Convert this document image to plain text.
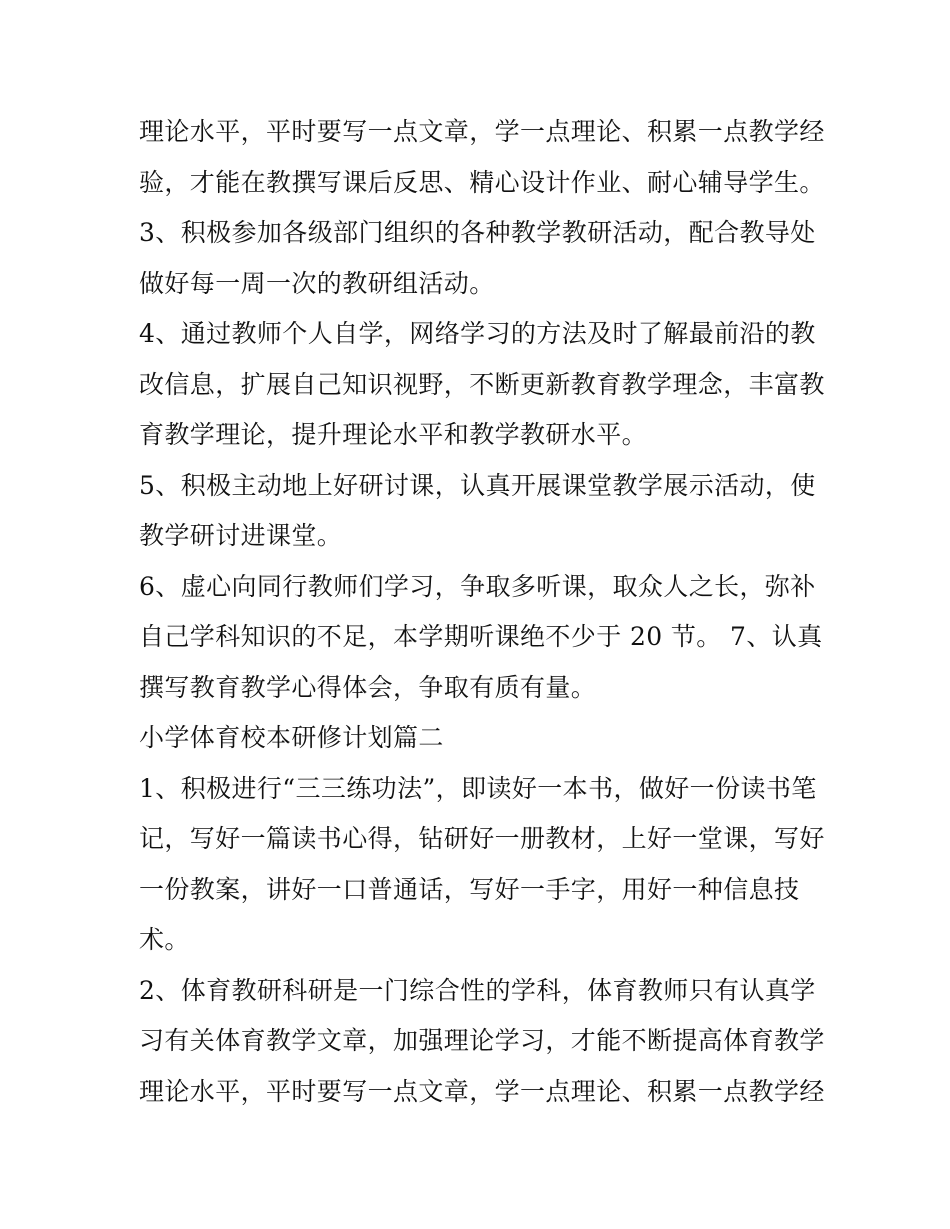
理论水平，平时要写一点文章，学一点理论、积累一点教学经
验，才能在教撰写课后反思、精心设计作业、耐心辅导学生。
3、积极参加各级部门组织的各种教学教研活动，配合教导处
做好每一周一次的教研组活动。
4、通过教师个人自学，网络学习的方法及时了解最前沿的教
改信息，扩展自己知识视野，不断更新教育教学理念，丰富教
育教学理论，提升理论水平和教学教研水平。
5、积极主动地上好研讨课，认真开展课堂教学展示活动，使
教学研讨进课堂。
6、虚心向同行教师们学习，争取多听课，取众人之长，弥补
自己学科知识的不足，本学期听课绝不少于 20 节。 7、认真
撰写教育教学心得体会，争取有质有量。
小学体育校本研修计划篇二
1、积极进行“三三练功法”，即读好一本书，做好一份读书笔
记，写好一篇读书心得，钻研好一册教材，上好一堂课，写好
一份教案，讲好一口普通话，写好一手字，用好一种信息技
术。
2、体育教研科研是一门综合性的学科，体育教师只有认真学
习有关体育教学文章，加强理论学习，才能不断提高体育教学
理论水平，平时要写一点文章，学一点理论、积累一点教学经
